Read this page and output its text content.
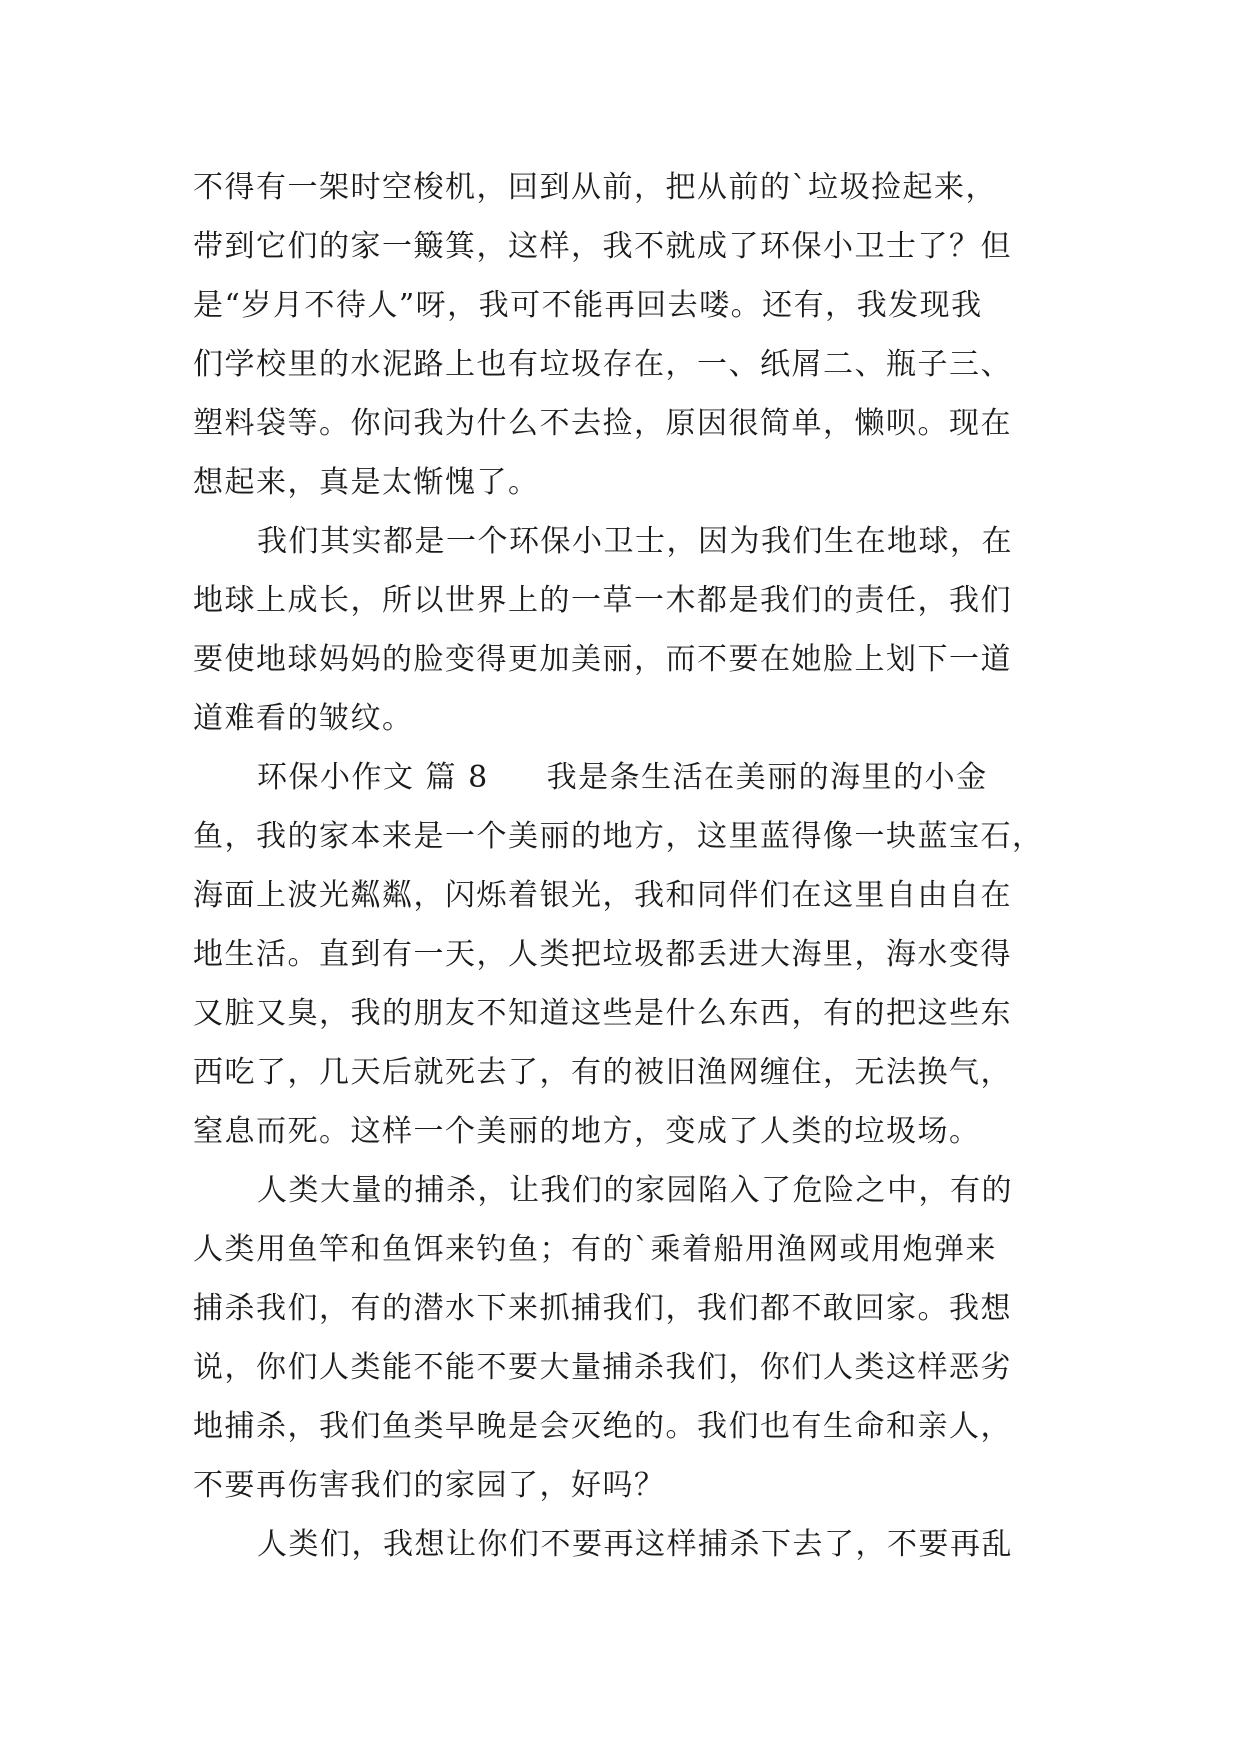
不得有一架时空梭机，回到从前，把从前的`垃圾捡起来，
带到它们的家一簸箕，这样，我不就成了环保小卫士了？但
是“岁月不待人”呀，我可不能再回去喽。还有，我发现我
们学校里的水泥路上也有垃圾存在，一、纸屑二、瓶子三、
塑料袋等。你问我为什么不去捡，原因很简单，懒呗。现在
想起来，真是太惭愧了。
我们其实都是一个环保小卫士，因为我们生在地球，在
地球上成长，所以世界上的一草一木都是我们的责任，我们
要使地球妈妈的脸变得更加美丽，而不要在她脸上划下一道
道难看的皱纹。
环保小作文 篇 8 我是条生活在美丽的海里的小金
鱼，我的家本来是一个美丽的地方，这里蓝得像一块蓝宝石，
海面上波光粼粼，闪烁着银光，我和同伴们在这里自由自在
地生活。直到有一天，人类把垃圾都丢进大海里，海水变得
又脏又臭，我的朋友不知道这些是什么东西，有的把这些东
西吃了，几天后就死去了，有的被旧渔网缠住，无法换气，
窒息而死。这样一个美丽的地方，变成了人类的垃圾场。
人类大量的捕杀，让我们的家园陷入了危险之中，有的
人类用鱼竿和鱼饵来钓鱼；有的`乘着船用渔网或用炮弹来
捕杀我们，有的潜水下来抓捕我们，我们都不敢回家。我想
说，你们人类能不能不要大量捕杀我们，你们人类这样恶劣
地捕杀，我们鱼类早晚是会灭绝的。我们也有生命和亲人，
不要再伤害我们的家园了，好吗？
人类们，我想让你们不要再这样捕杀下去了，不要再乱
